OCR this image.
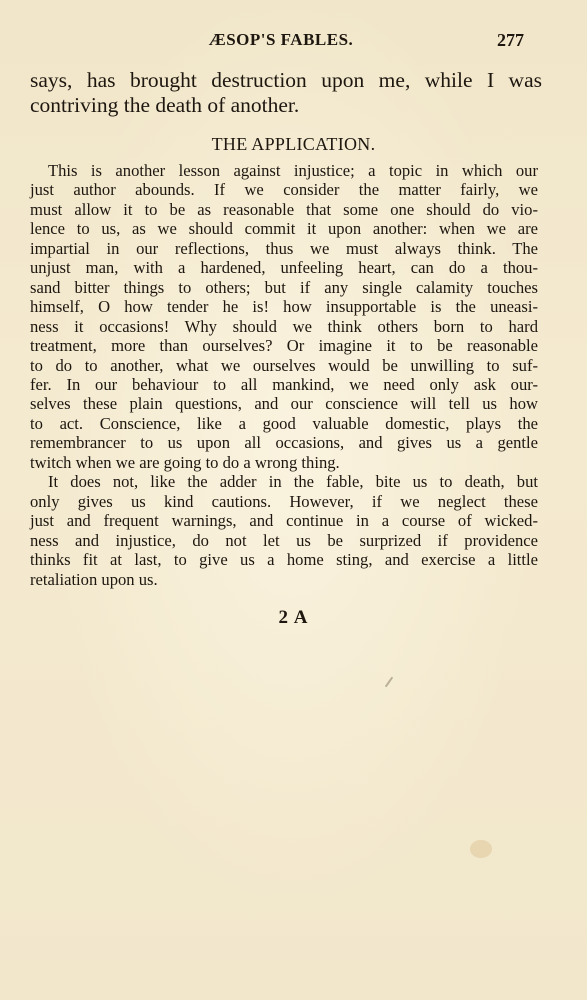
ÆSOP'S FABLES.	277
says, has brought destruction upon me, while I was
contriving the death of another.
THE APPLICATION.
This is another lesson against injustice; a topic in which our
just author abounds. If we consider the matter fairly, we
must allow it to be as reasonable that some one should do vio-
lence to us, as we should commit it upon another: when we are
impartial in our reflections, thus we must always think. The
unjust man, with a hardened, unfeeling heart, can do a thou-
sand bitter things to others; but if any single calamity touches
himself, O how tender he is! how insupportable is the uneasi-
ness it occasions! Why should we think others born to hard
treatment, more than ourselves? Or imagine it to be reasonable
to do to another, what we ourselves would be unwilling to suf-
fer. In our behaviour to all mankind, we need only ask our-
selves these plain questions, and our conscience will tell us how
to act. Conscience, like a good valuable domestic, plays the
remembrancer to us upon all occasions, and gives us a gentle
twitch when we are going to do a wrong thing.
It does not, like the adder in the fable, bite us to death, but
only gives us kind cautions. However, if we neglect these
just and frequent warnings, and continue in a course of wicked-
ness and injustice, do not let us be surprized if providence
thinks fit at last, to give us a home sting, and exercise a little
retaliation upon us.
2 A
